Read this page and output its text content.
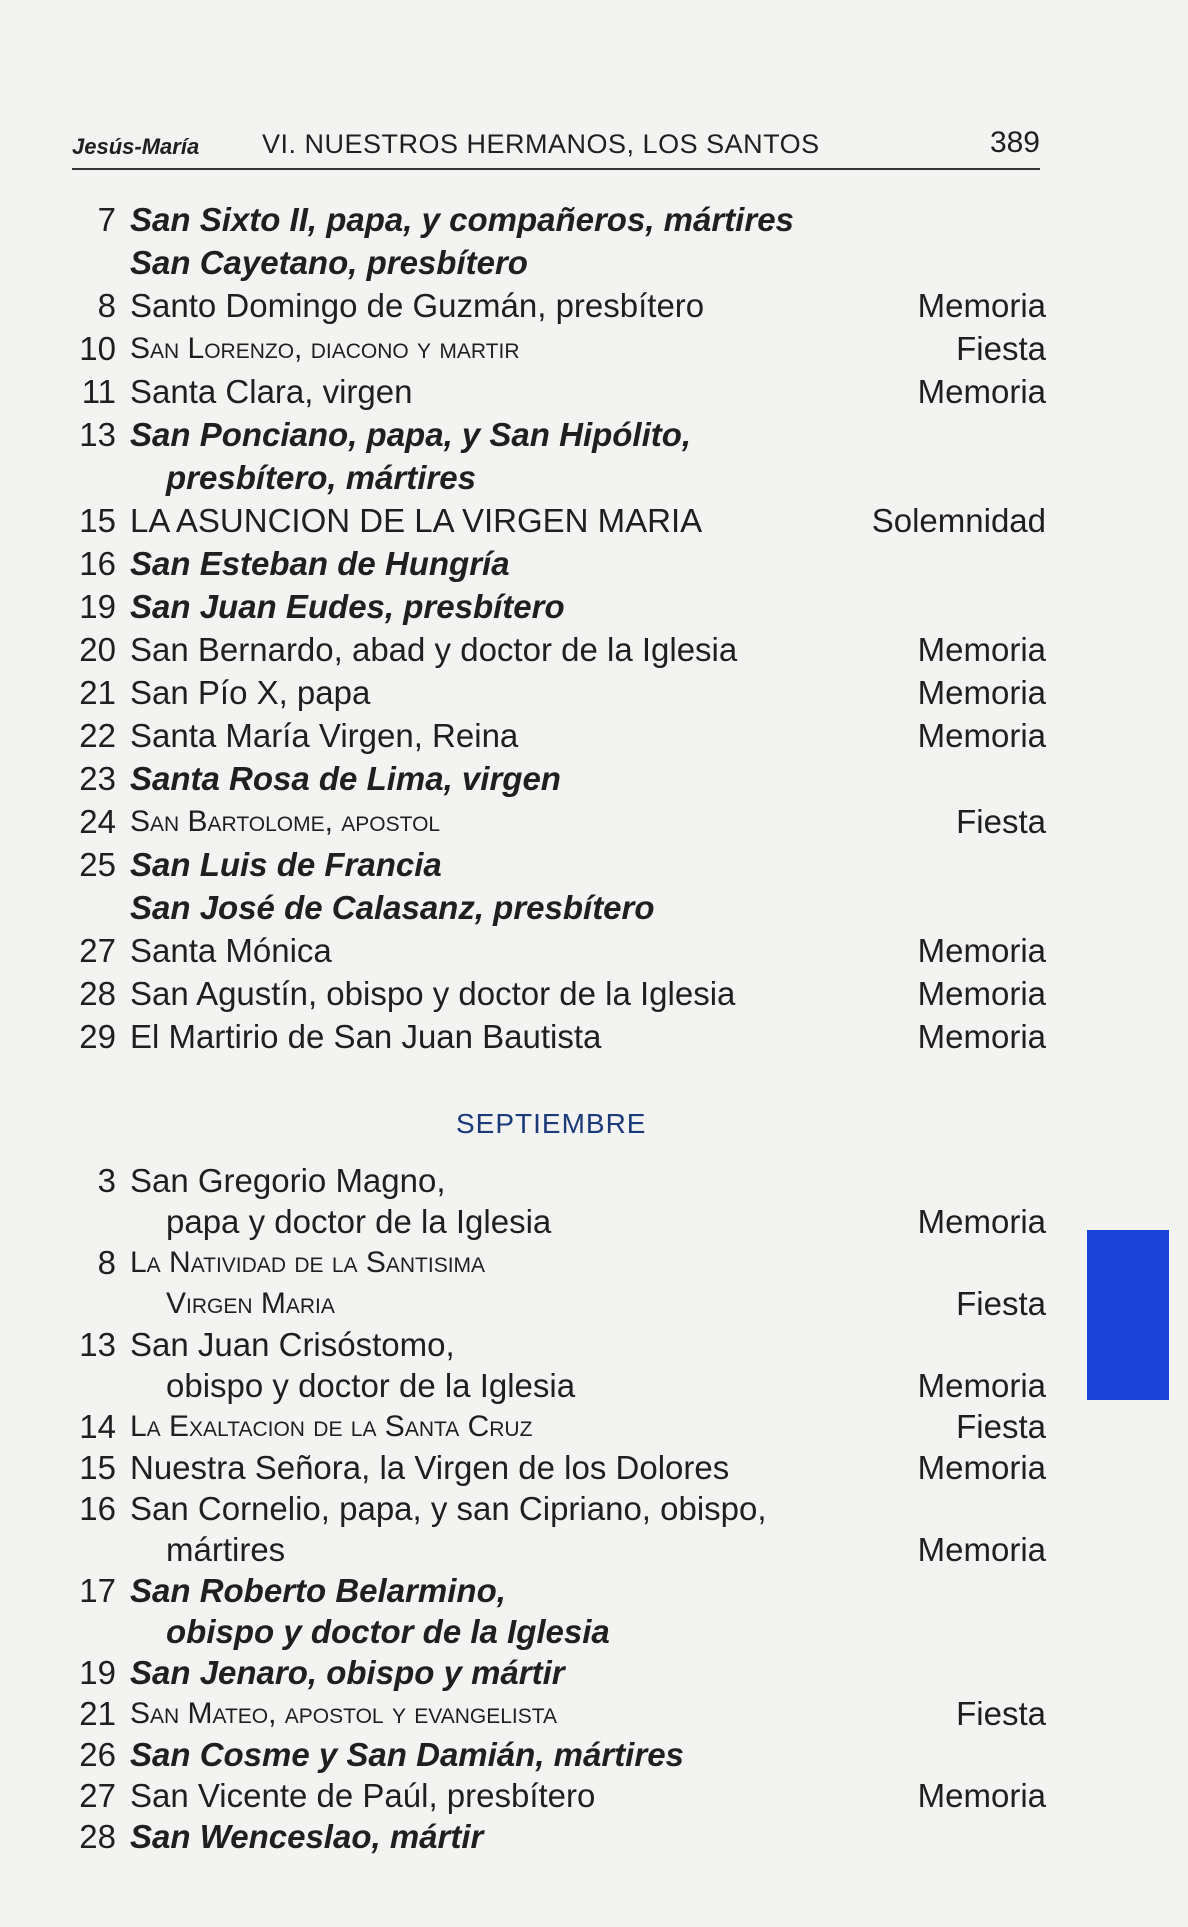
Jesús-María VI. NUESTROS HERMANOS, LOS SANTOS	389
7 San Sixto II, papa, y compañeros, mártires
San Cayetano, presbítero
8 Santo Domingo de Guzmán, presbítero	Memoria
10 San Lorenzo, diacono y martir	Fiesta
11 Santa Clara, virgen	Memoria
13 San Ponciano, papa, y San Hipólito,
presbítero, mártires
15 LA ASUNCION DE LA VIRGEN MARIA	Solemnidad
16 San Esteban de Hungría
19 San Juan Eudes, presbítero
20 San Bernardo, abad y doctor de la Iglesia	Memoria
21 San Pío X, papa	Memoria
22 Santa María Virgen, Reina	Memoria
23 Santa Rosa de Lima, virgen
24 San Bartolome, apostol	Fiesta
25 San Luis de Francia
San José de Calasanz, presbítero
27 Santa Mónica	Memoria
28 San Agustín, obispo y doctor de la Iglesia	Memoria
29 El Martirio de San Juan Bautista	Memoria
SEPTIEMBRE
3 San Gregorio Magno,
papa y doctor de la Iglesia	Memoria
8 La Natividad de la Santisima
Virgen Maria	Fiesta
13 San Juan Crisóstomo,
obispo y doctor de la Iglesia	Memoria
14 La Exaltacion de la Santa Cruz	Fiesta
15 Nuestra Señora, la Virgen de los Dolores	Memoria
16 San Cornelio, papa, y san Cipriano, obispo,
mártires	Memoria
17 San Roberto Belarmino,
obispo y doctor de la Iglesia
19 San Jenaro, obispo y mártir
21 San Mateo, apostol y evangelista	Fiesta
26 San Cosme y San Damián, mártires
27 San Vicente de Paúl, presbítero	Memoria
28 San Wenceslao, mártir
